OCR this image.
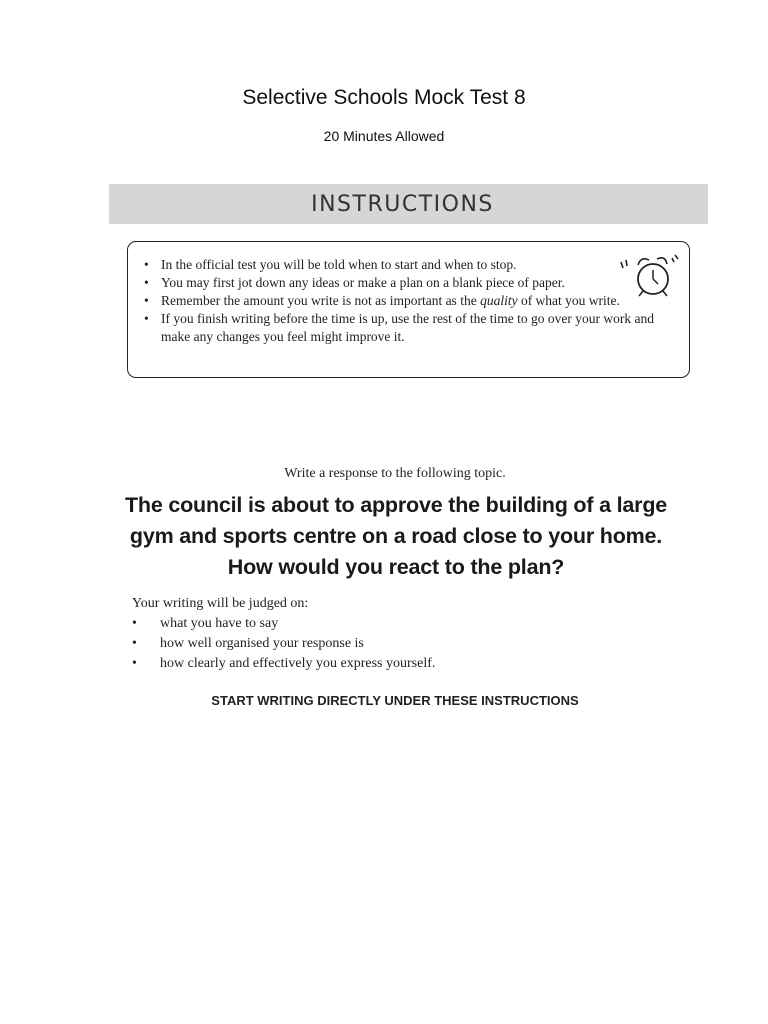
Selective Schools Mock Test 8
20 Minutes Allowed
INSTRUCTIONS
• In the official test you will be told when to start and when to stop.
• You may first jot down any ideas or make a plan on a blank piece of paper.
• Remember the amount you write is not as important as the quality of what you write.
• If you finish writing before the time is up, use the rest of the time to go over your work and make any changes you feel might improve it.
Write a response to the following topic.
The council is about to approve the building of a large
gym and sports centre on a road close to your home.
How would you react to the plan?
Your writing will be judged on:
• what you have to say
• how well organised your response is
• how clearly and effectively you express yourself.
START WRITING DIRECTLY UNDER THESE INSTRUCTIONS
